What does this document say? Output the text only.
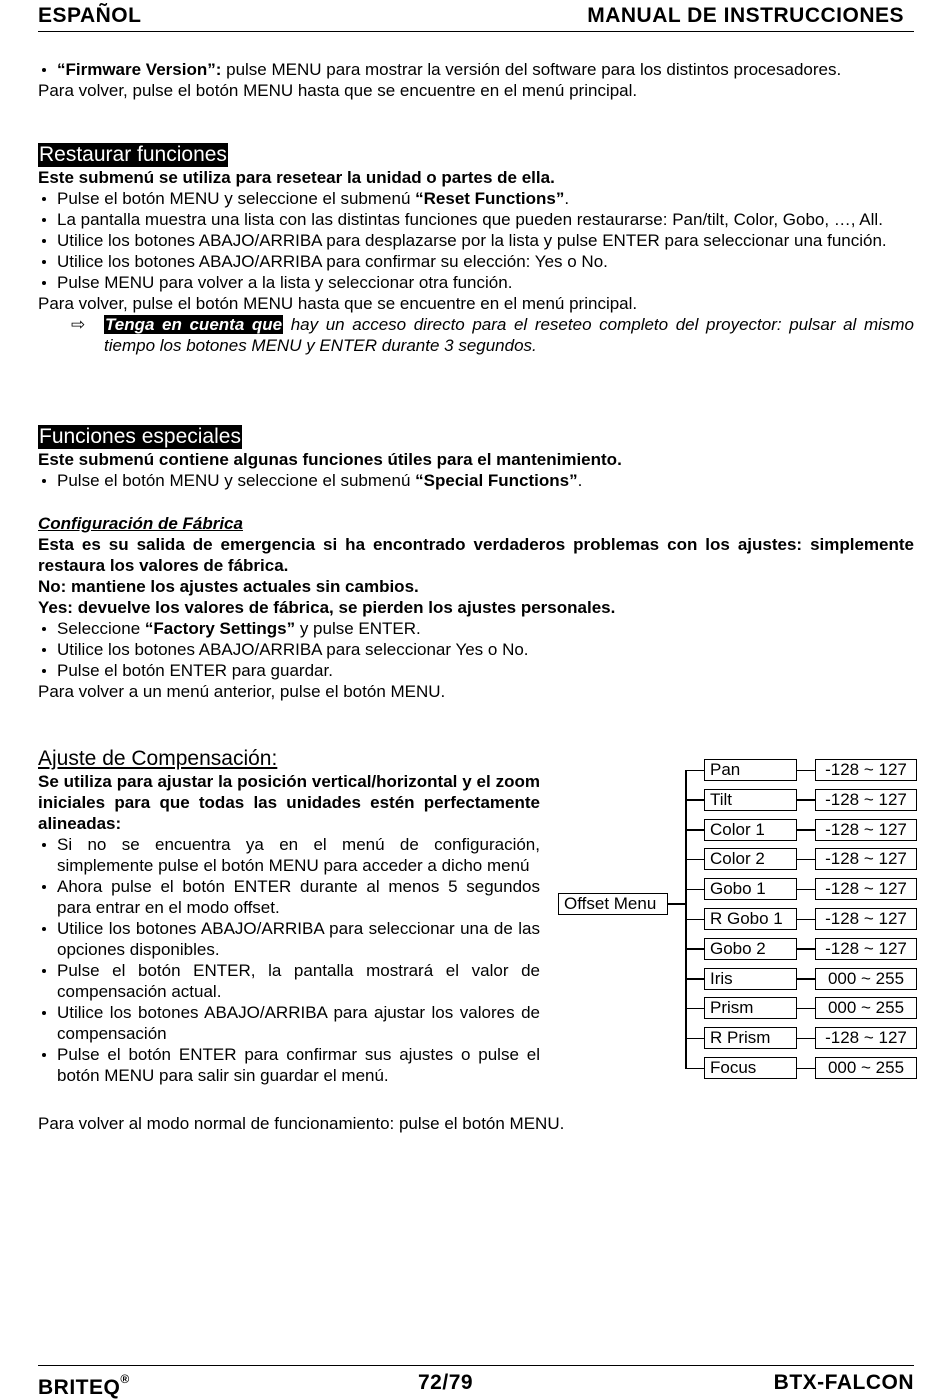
ESPAÑOL	MANUAL DE INSTRUCCIONES
“Firmware Version”: pulse MENU para mostrar la versión del software para los distintos procesadores.

Para volver, pulse el botón MENU hasta que se encuentre en el menú principal.

Restaurar funciones

Este submenú se utiliza para resetear la unidad o partes de ella.

Pulse el botón MENU y seleccione el submenú “Reset Functions”.
La pantalla muestra una lista con las distintas funciones que pueden restaurarse: Pan/tilt, Color, Gobo, …, All.
Utilice los botones ABAJO/ARRIBA para desplazarse por la lista y pulse ENTER para seleccionar una función.
Utilice los botones ABAJO/ARRIBA para confirmar su elección: Yes o No.
Pulse MENU para volver a la lista y seleccionar otra función.

Para volver, pulse el botón MENU hasta que se encuentre en el menú principal.

⇨ Tenga en cuenta que hay un acceso directo para el reseteo completo del proyector: pulsar al mismo tiempo los botones MENU y ENTER durante 3 segundos.

Funciones especiales

Este submenú contiene algunas funciones útiles para el mantenimiento.

Pulse el botón MENU y seleccione el submenú “Special Functions”.

Configuración de Fábrica

Esta es su salida de emergencia si ha encontrado verdaderos problemas con los ajustes: simplemente restaura los valores de fábrica.

No: mantiene los ajustes actuales sin cambios.

Yes: devuelve los valores de fábrica, se pierden los ajustes personales.

Seleccione “Factory Settings” y pulse ENTER.
Utilice los botones ABAJO/ARRIBA para seleccionar Yes o No.
Pulse el botón ENTER para guardar.

Para volver a un menú anterior, pulse el botón MENU.

Ajuste de Compensación:

Se utiliza para ajustar la posición vertical/horizontal y el zoom iniciales para que todas las unidades estén perfectamente alineadas:

Si no se encuentra ya en el menú de configuración, simplemente pulse el botón MENU para acceder a dicho menú
Ahora pulse el botón ENTER durante al menos 5 segundos para entrar en el modo offset.
Utilice los botones ABAJO/ARRIBA para seleccionar una de las opciones disponibles.
Pulse el botón ENTER, la pantalla mostrará el valor de compensación actual.
Utilice los botones ABAJO/ARRIBA para ajustar los valores de compensación
Pulse el botón ENTER para confirmar sus ajustes o pulse el botón MENU para salir sin guardar el menú.

Para volver al modo normal de funcionamiento: pulse el botón MENU.

Offset Menu
Pan	-128 ~ 127
Tilt	-128 ~ 127
Color 1	-128 ~ 127
Color 2	-128 ~ 127
Gobo 1	-128 ~ 127
R Gobo 1	-128 ~ 127
Gobo 2	-128 ~ 127
Iris	000 ~ 255
Prism	000 ~ 255
R Prism	-128 ~ 127
Focus	000 ~ 255
BRITEQ®	72/79	BTX-FALCON
